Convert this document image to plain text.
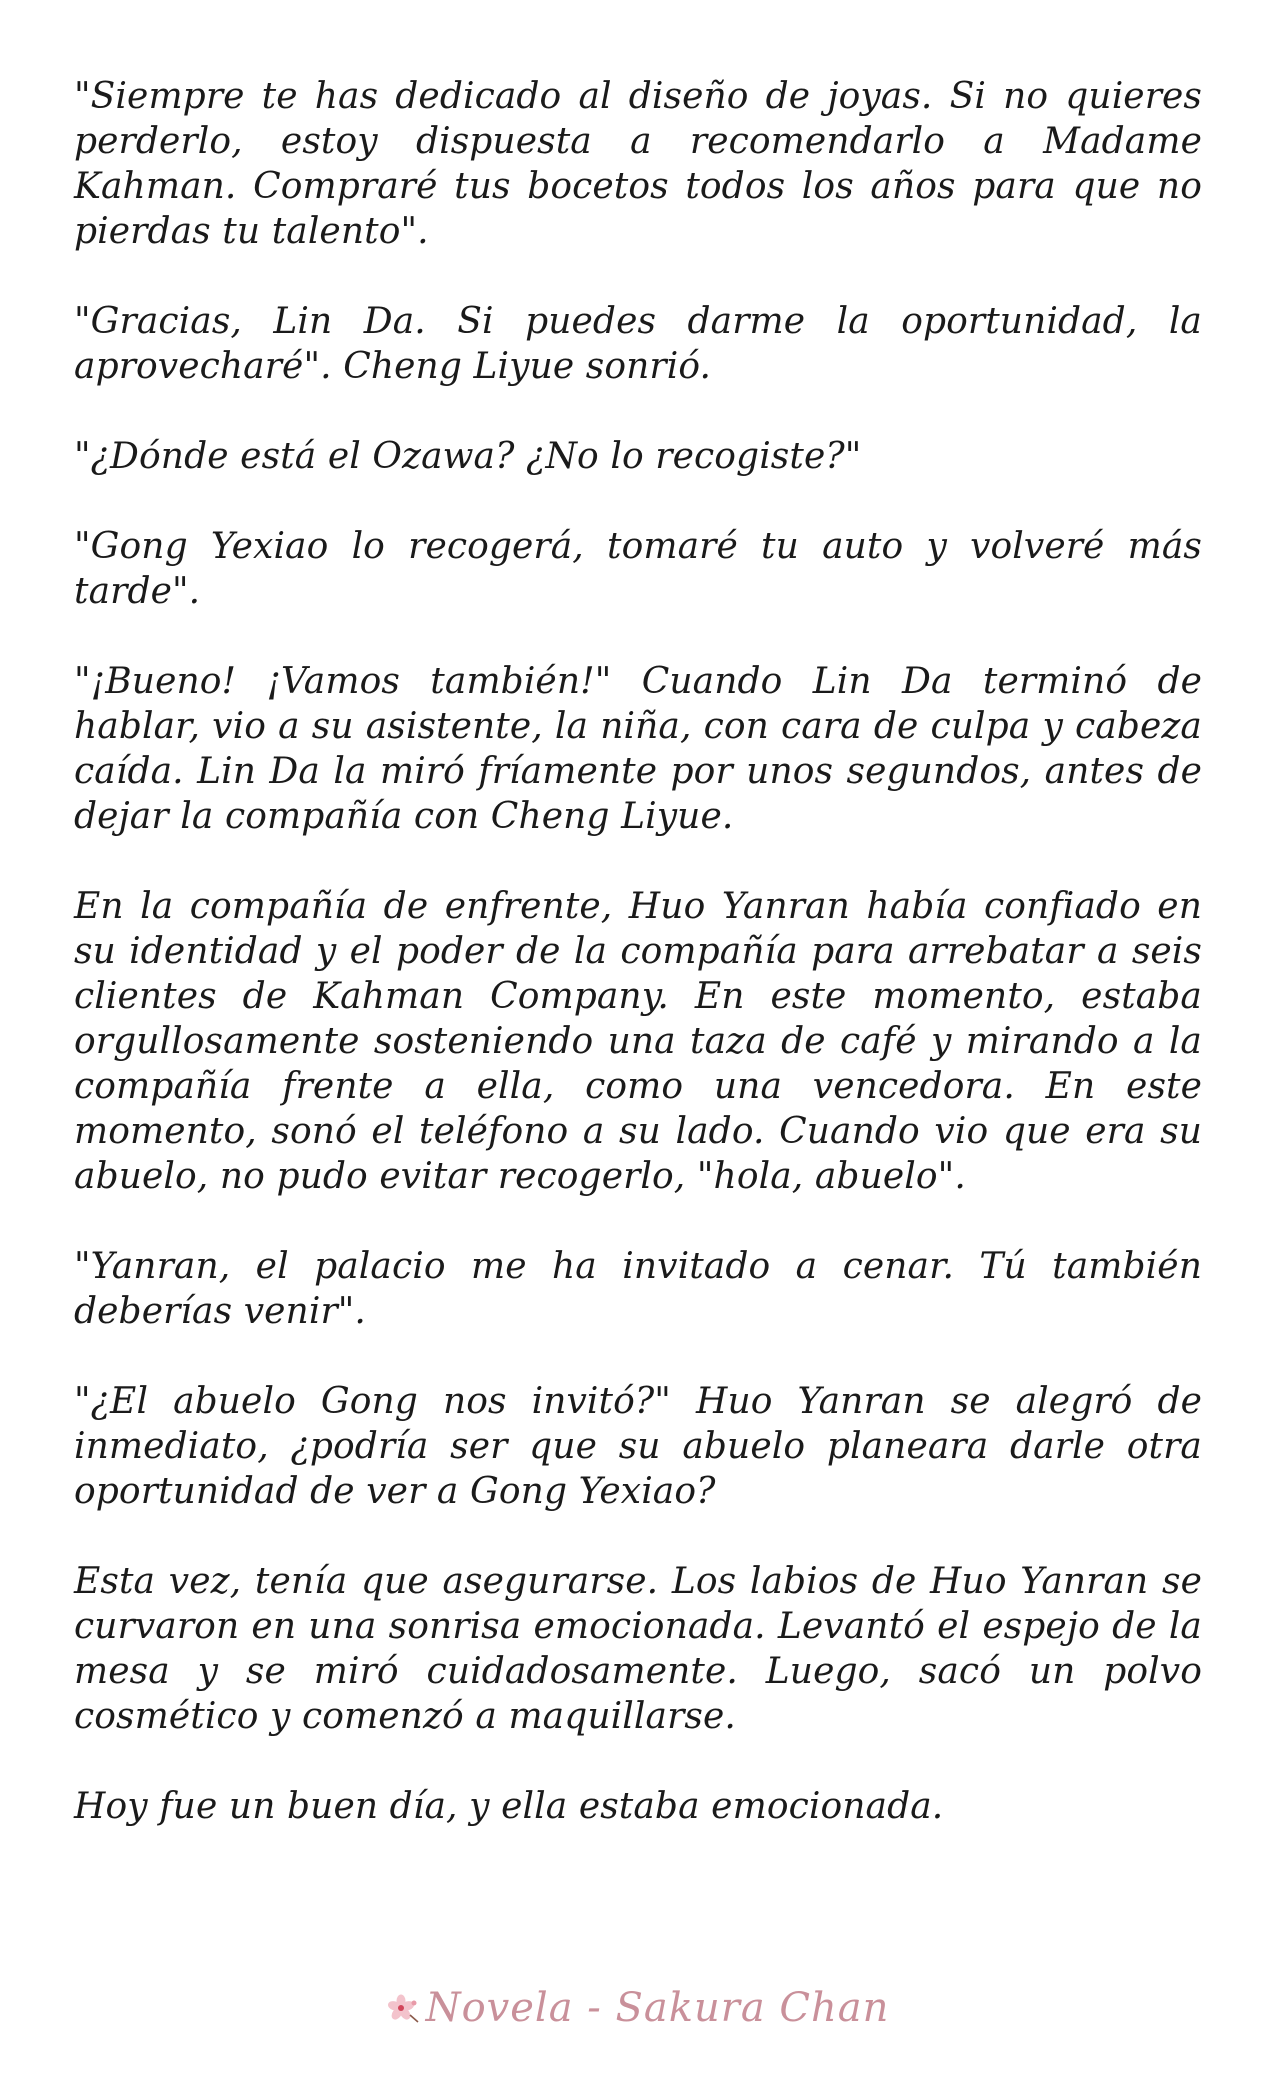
"Siempre te has dedicado al diseño de joyas. Si no quieres perderlo, estoy dispuesta a recomendarlo a Madame Kahman. Compraré tus bocetos todos los años para que no pierdas tu talento".

"Gracias, Lin Da. Si puedes darme la oportunidad, la aprovecharé". Cheng Liyue sonrió.

"¿Dónde está el Ozawa? ¿No lo recogiste?"

"Gong Yexiao lo recogerá, tomaré tu auto y volveré más tarde".

"¡Bueno! ¡Vamos también!" Cuando Lin Da terminó de hablar, vio a su asistente, la niña, con cara de culpa y cabeza caída. Lin Da la miró fríamente por unos segundos, antes de dejar la compañía con Cheng Liyue.

En la compañía de enfrente, Huo Yanran había confiado en su identidad y el poder de la compañía para arrebatar a seis clientes de Kahman Company. En este momento, estaba orgullosamente sosteniendo una taza de café y mirando a la compañía frente a ella, como una vencedora. En este momento, sonó el teléfono a su lado. Cuando vio que era su abuelo, no pudo evitar recogerlo, "hola, abuelo".

"Yanran, el palacio me ha invitado a cenar. Tú también deberías venir".

"¿El abuelo Gong nos invitó?" Huo Yanran se alegró de inmediato, ¿podría ser que su abuelo planeara darle otra oportunidad de ver a Gong Yexiao?

Esta vez, tenía que asegurarse. Los labios de Huo Yanran se curvaron en una sonrisa emocionada. Levantó el espejo de la mesa y se miró cuidadosamente. Luego, sacó un polvo cosmético y comenzó a maquillarse.

Hoy fue un buen día, y ella estaba emocionada.

Novela - Sakura Chan
